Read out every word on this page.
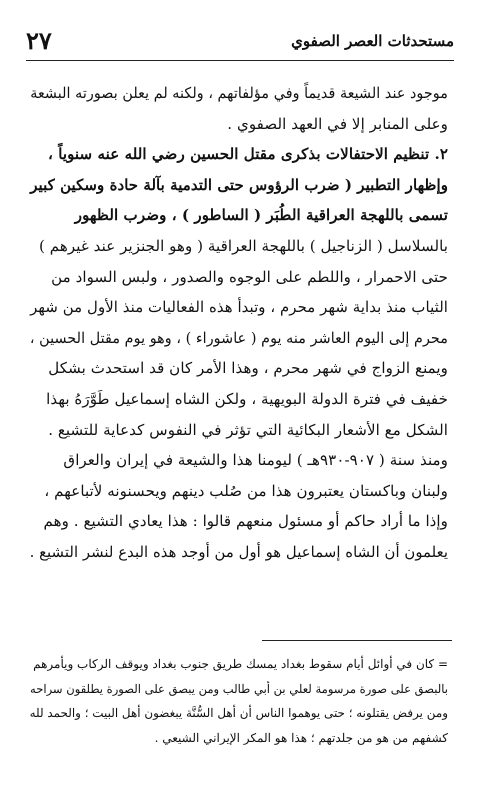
٢٧	مستحدثات العصر الصفوي
موجود عند الشيعة قديماً وفي مؤلفاتهم ، ولكنه لم يعلن بصورته البشعة
وعلى المنابر إلا في العهد الصفوي .
٢. تنظيم الاحتفالات بذكرى مقتل الحسين رضي الله عنه سنوياً ،
وإظهار التطبير ( ضرب الرؤوس حتى التدمية بآلة حادة وسكين كبير
تسمى باللهجة العراقية الطُبَر ( الساطور ) ، وضرب الظهور
بالسلاسل ( الزناجيل ) باللهجة العراقية ( وهو الجنزير عند غيرهم )
حتى الاحمرار ، واللطم على الوجوه والصدور ، ولبس السواد من
الثياب منذ بداية شهر محرم ، وتبدأ هذه الفعاليات منذ الأول من شهر
محرم إلى اليوم العاشر منه يوم ( عاشوراء ) ، وهو يوم مقتل الحسين ،
ويمنع الزواج في شهر محرم ، وهذا الأمر كان قد استحدث بشكل
خفيف في فترة الدولة البويهية ، ولكن الشاه إسماعيل طَوَّرَهُ بهذا
الشكل مع الأشعار البكائية التي تؤثر في النفوس كدعاية للتشيع .
ومنذ سنة ( ٩٠٧-٩٣٠هـ ) ليومنا هذا والشيعة في إيران والعراق
ولبنان وباكستان يعتبرون هذا من صُلب دينهم ويحسنونه لأتباعهم ،
وإذا ما أراد حاكم أو مسئول منعهم قالوا : هذا يعادي التشيع . وهم
يعلمون أن الشاه إسماعيل هو أول من أوجد هذه البدع لنشر التشيع .
= كان في أوائل أيام سقوط بغداد يمسك طريق جنوب بغداد ويوقف الركاب ويأمرهم
بالبصق على صورة مرسومة لعلي بن أبي طالب ومن يبصق على الصورة يطلقون سراحه
ومن يرفض يقتلونه ؛ حتى يوهموا الناس أن أهل السُّنَّة يبغضون أهل البيت ؛ والحمد لله
كشفهم من هو من جلدتهم ؛ هذا هو المكر الإيراني الشيعي .
